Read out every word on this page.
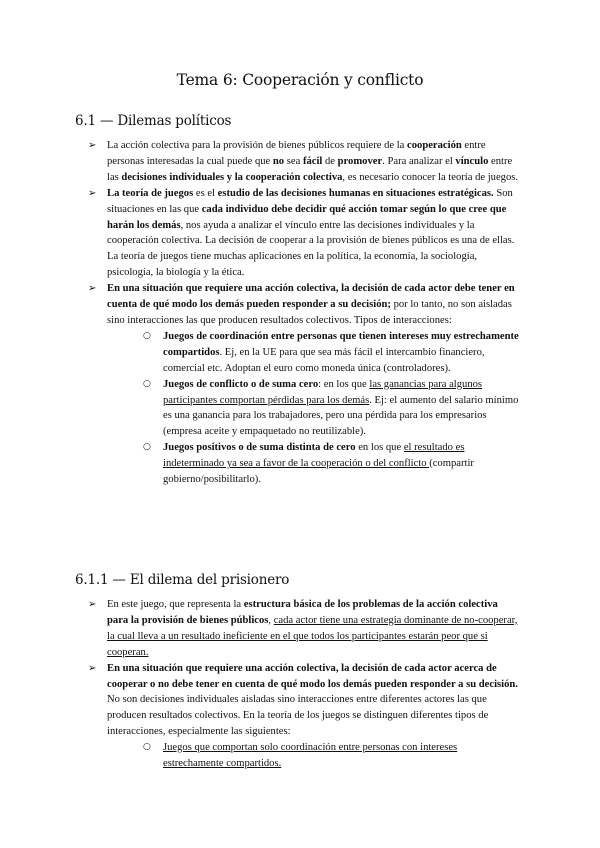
Tema 6: Cooperación y conflicto
6.1 — Dilemas políticos
➢ La acción colectiva para la provisión de bienes públicos requiere de la cooperación entre personas interesadas la cual puede que no sea fácil de promover. Para analizar el vínculo entre las decisiones individuales y la cooperación colectiva, es necesario conocer la teoría de juegos.
➢ La teoría de juegos es el estudio de las decisiones humanas en situaciones estratégicas. Son situaciones en las que cada individuo debe decidir qué acción tomar según lo que cree que harán los demás, nos ayuda a analizar el vínculo entre las decisiones individuales y la cooperación colectiva. La decisión de cooperar a la provisión de bienes públicos es una de ellas. La teoría de juegos tiene muchas aplicaciones en la política, la economía, la sociología, psicología, la biología y la ética.
➢ En una situación que requiere una acción colectiva, la decisión de cada actor debe tener en cuenta de qué modo los demás pueden responder a su decisión; por lo tanto, no son aisladas sino interacciones las que producen resultados colectivos. Tipos de interacciones:
○ Juegos de coordinación entre personas que tienen intereses muy estrechamente compartidos. Ej, en la UE para que sea más fácil el intercambio financiero, comercial etc. Adoptan el euro como moneda única (controladores).
○ Juegos de conflicto o de suma cero: en los que las ganancias para algunos participantes comportan pérdidas para los demás. Ej: el aumento del salario mínimo es una ganancia para los trabajadores, pero una pérdida para los empresarios (empresa aceite y empaquetado no reutilizable).
○ Juegos positivos o de suma distinta de cero en los que el resultado es indeterminado ya sea a favor de la cooperación o del conflicto (compartir gobierno/posibilitarlo).
6.1.1 — El dilema del prisionero
➢ En este juego, que representa la estructura básica de los problemas de la acción colectiva para la provisión de bienes públicos, cada actor tiene una estrategia dominante de no-cooperar, la cual lleva a un resultado ineficiente en el que todos los participantes estarán peor que si cooperan.
➢ En una situación que requiere una acción colectiva, la decisión de cada actor acerca de cooperar o no debe tener en cuenta de qué modo los demás pueden responder a su decisión. No son decisiones individuales aisladas sino interacciones entre diferentes actores las que producen resultados colectivos. En la teoría de los juegos se distinguen diferentes tipos de interacciones, especialmente las siguientes:
○ Juegos que comportan solo coordinación entre personas con intereses estrechamente compartidos.
